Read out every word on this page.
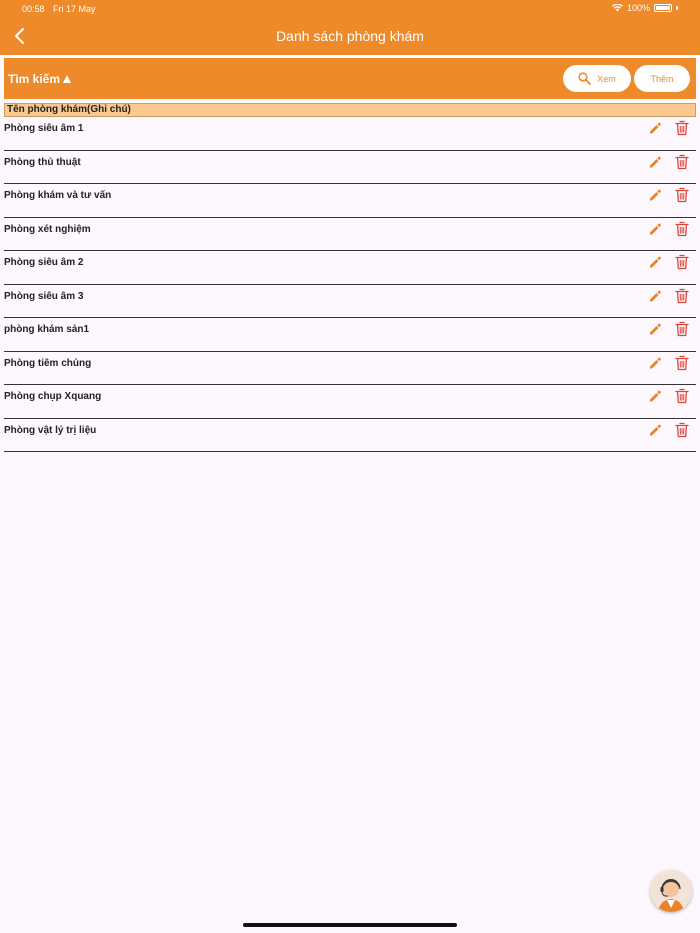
00:58 Fri 17 May	100%
Danh sách phòng khám
Tìm kiếm	Xem	Thêm
Tên phòng khám(Ghi chú)
Phòng siêu âm 1
Phòng thủ thuật
Phòng khám và tư vấn
Phòng xét nghiệm
Phòng siêu âm 2
Phòng siêu âm 3
phòng khám sản1
Phòng tiêm chủng
Phòng chụp Xquang
Phòng vật lý trị liệu
